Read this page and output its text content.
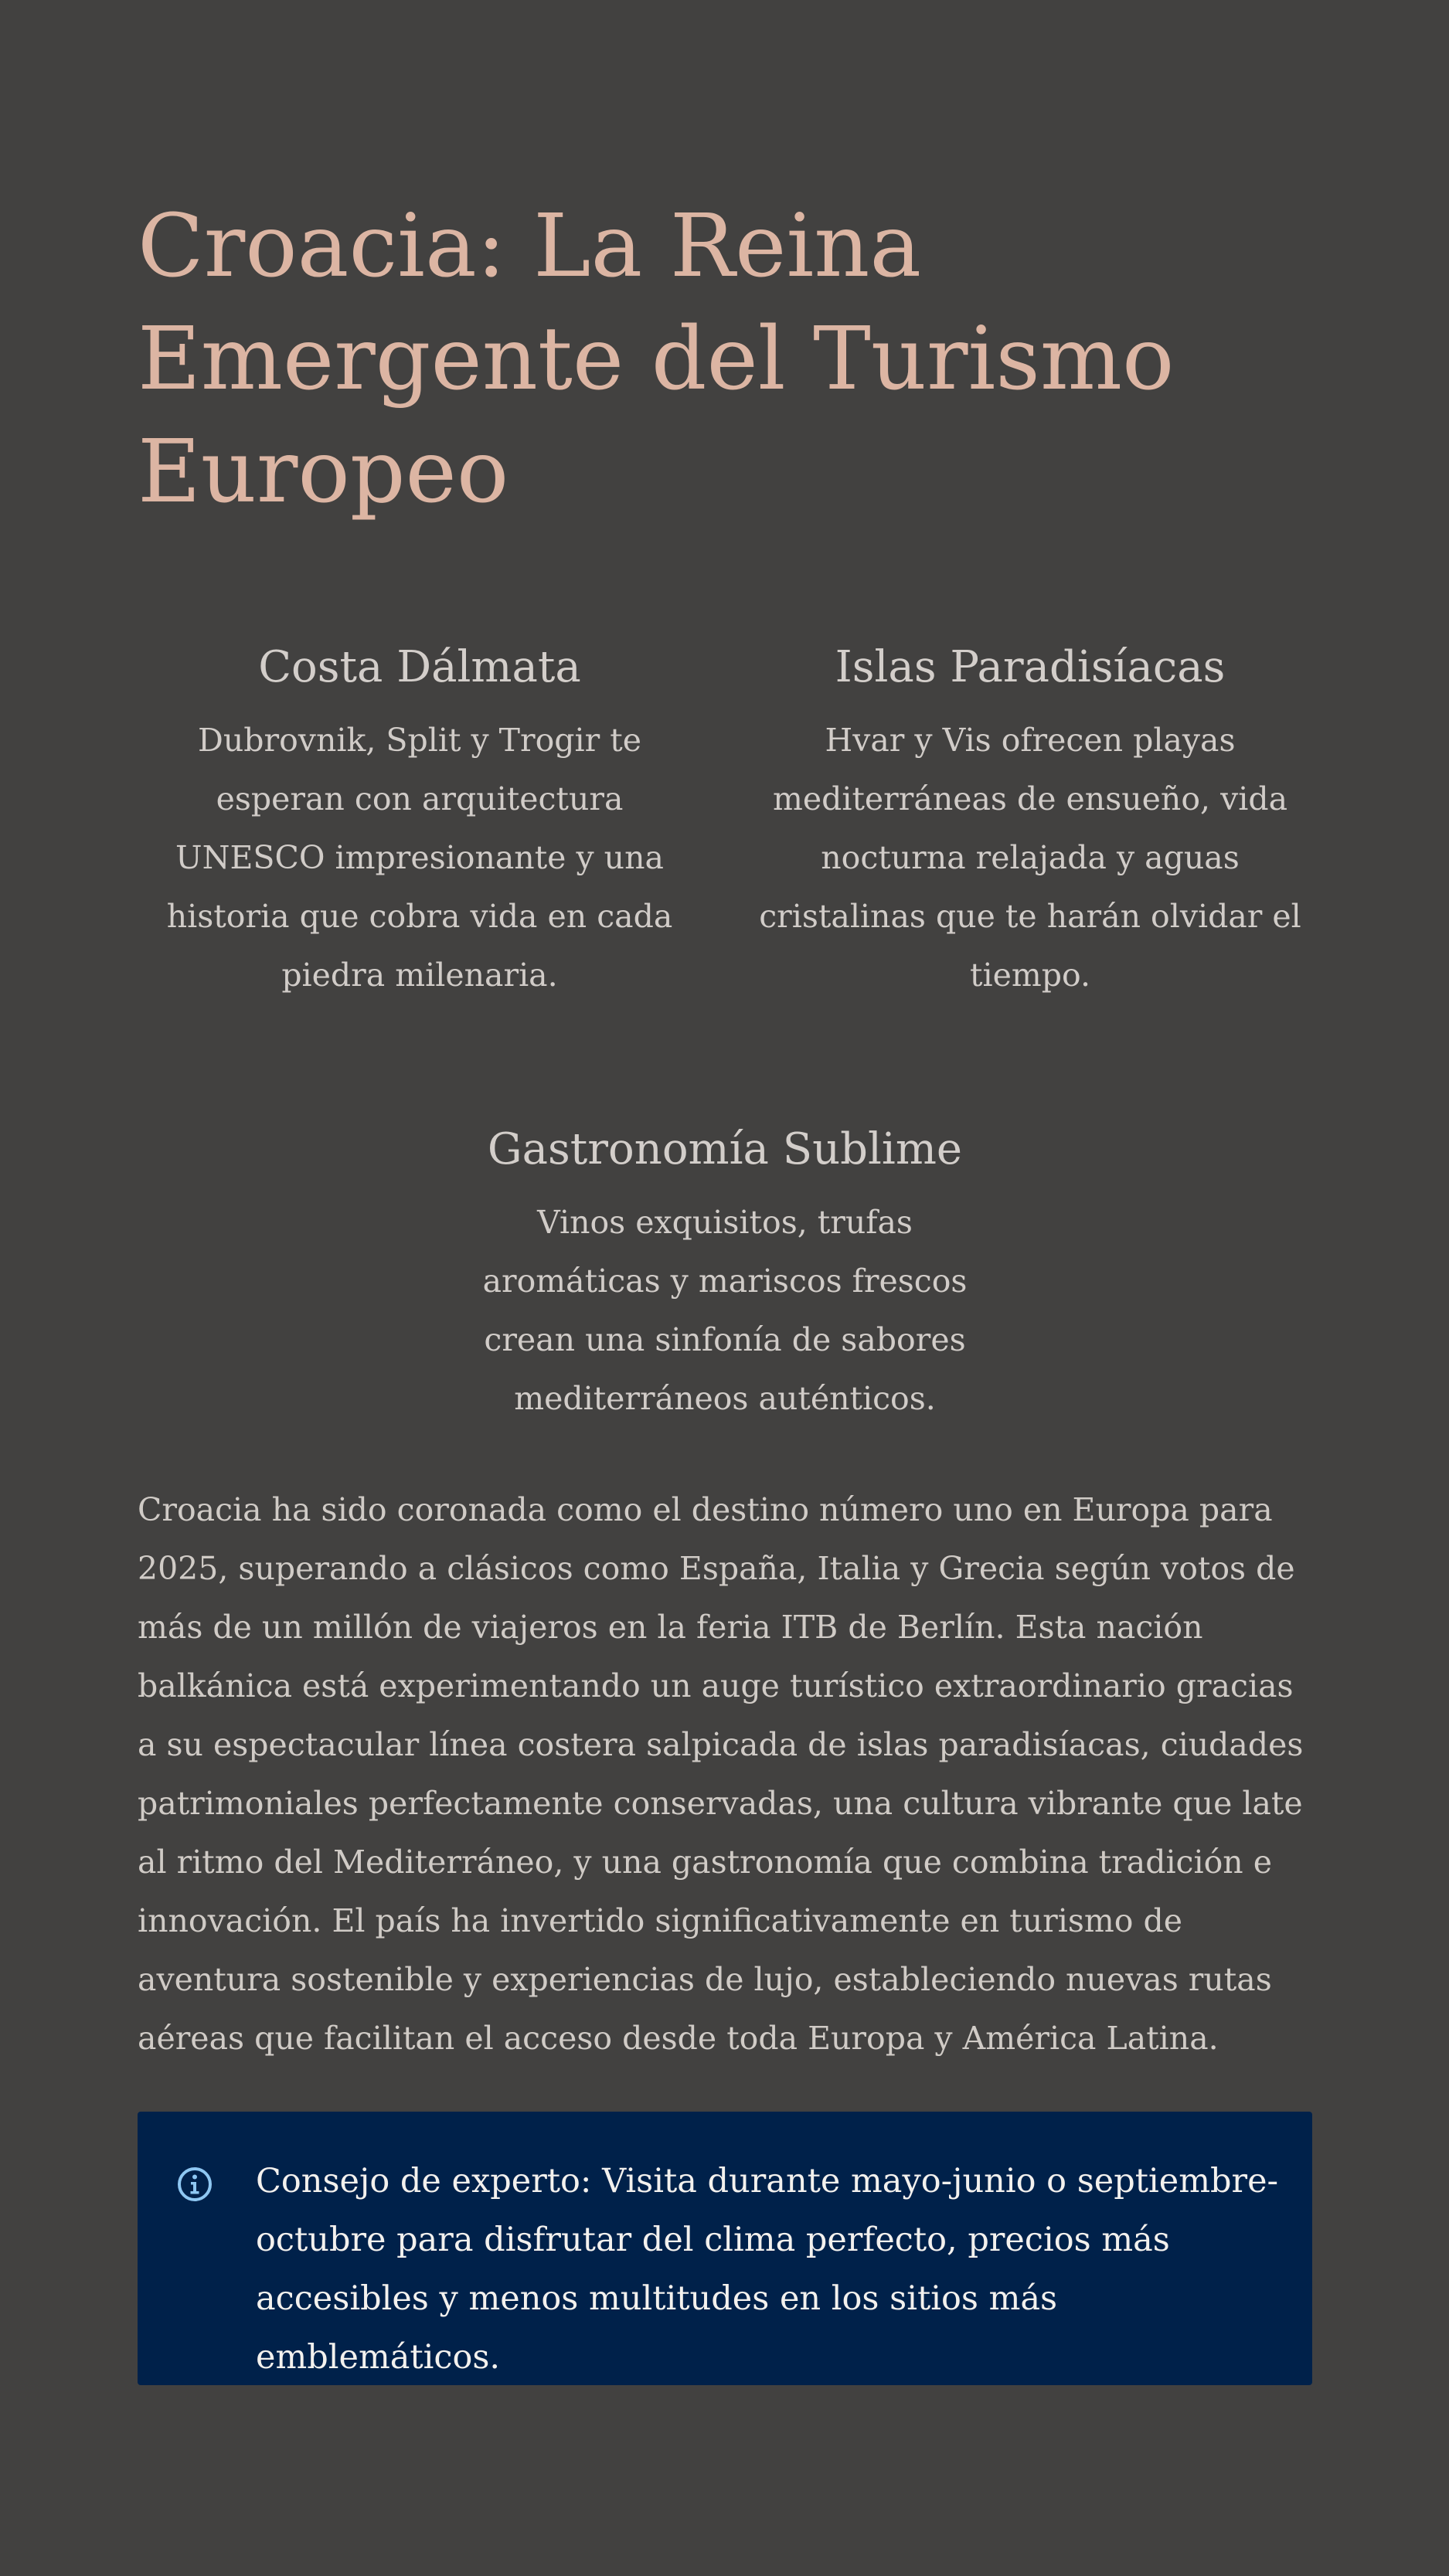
Croacia: La Reina Emergente del Turismo Europeo
Costa Dálmata

Dubrovnik, Split y Trogir te esperan con arquitectura UNESCO impresionante y una historia que cobra vida en cada piedra milenaria.

Islas Paradisíacas

Hvar y Vis ofrecen playas mediterráneas de ensueño, vida nocturna relajada y aguas cristalinas que te harán olvidar el tiempo.

Gastronomía Sublime

Vinos exquisitos, trufas aromáticas y mariscos frescos crean una sinfonía de sabores mediterráneos auténticos.

Croacia ha sido coronada como el destino número uno en Europa para 2025, superando a clásicos como España, Italia y Grecia según votos de más de un millón de viajeros en la feria ITB de Berlín. Esta nación balkánica está experimentando un auge turístico extraordinario gracias a su espectacular línea costera salpicada de islas paradisíacas, ciudades patrimoniales perfectamente conservadas, una cultura vibrante que late al ritmo del Mediterráneo, y una gastronomía que combina tradición e innovación. El país ha invertido significativamente en turismo de aventura sostenible y experiencias de lujo, estableciendo nuevas rutas aéreas que facilitan el acceso desde toda Europa y América Latina.

Consejo de experto: Visita durante mayo-junio o septiembre-octubre para disfrutar del clima perfecto, precios más accesibles y menos multitudes en los sitios más emblemáticos.
